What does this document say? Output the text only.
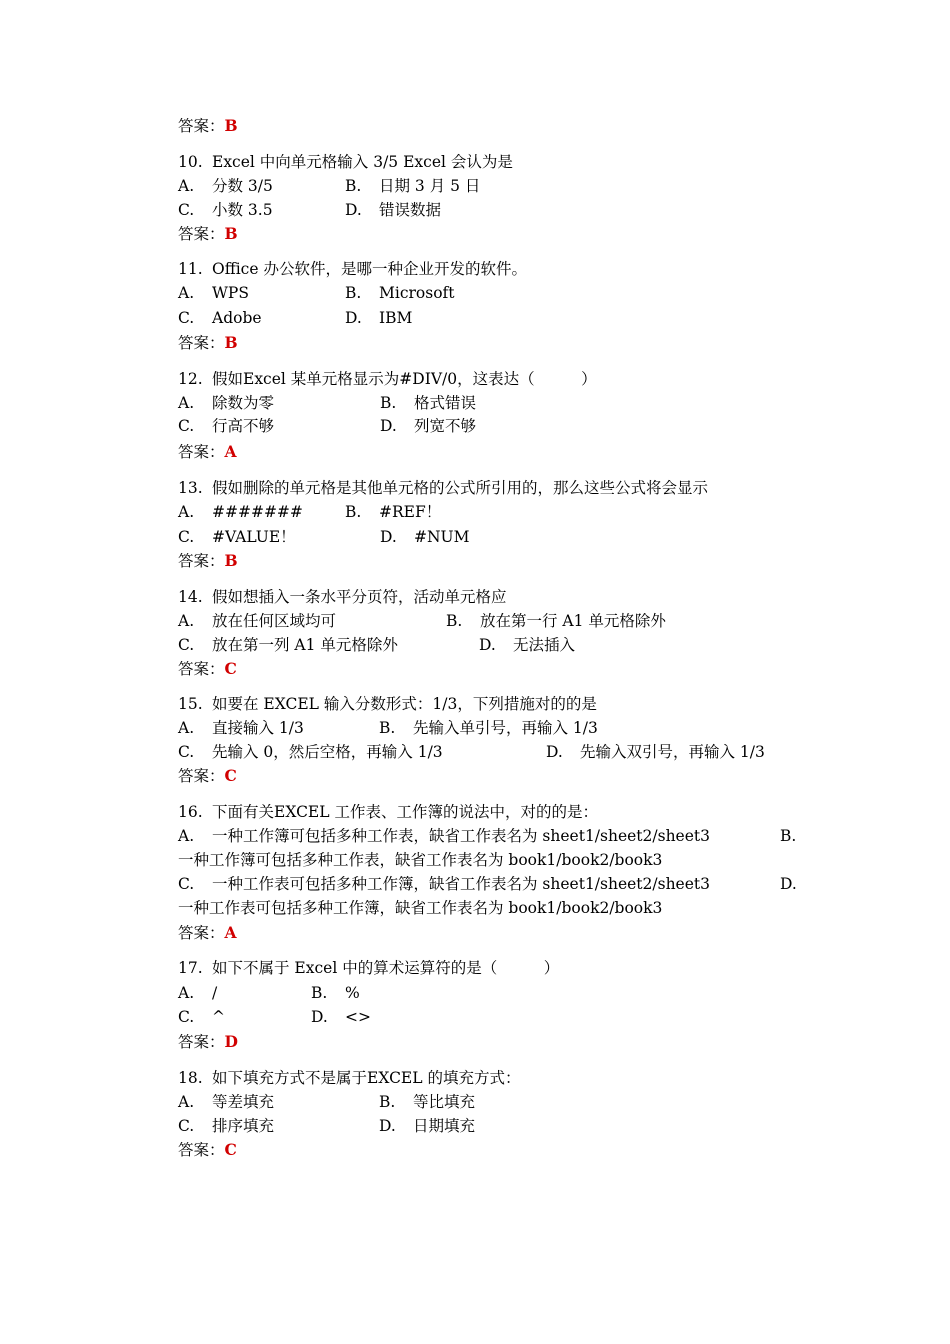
答案：B
10. Excel 中向单元格输入 3/5 Excel 会认为是
A. 分数 3/5	B. 日期 3 月 5 日
C. 小数 3.5	D. 错误数据
答案：B
11. Office 办公软件，是哪一种企业开发的软件。
A. WPS	B. Microsoft
C. Adobe	D. IBM
答案：B
12. 假如Excel 某单元格显示为#DIV/0，这表达（　　　）
A. 除数为零	B. 格式错误
C. 行高不够	D. 列宽不够
答案：A
13. 假如删除的单元格是其他单元格的公式所引用的，那么这些公式将会显示
A. #######	B. #REF！
C. #VALUE！	D. #NUM
答案：B
14. 假如想插入一条水平分页符，活动单元格应
A. 放在任何区域均可	B. 放在第一行 A1 单元格除外
C. 放在第一列 A1 单元格除外	D. 无法插入
答案：C
15. 如要在 EXCEL 输入分数形式：1/3，下列措施对的的是
A. 直接输入 1/3	B. 先输入单引号，再输入 1/3
C. 先输入 0，然后空格，再输入 1/3	D. 先输入双引号，再输入 1/3
答案：C
16. 下面有关EXCEL 工作表、工作簿的说法中，对的的是：
A. 一种工作簿可包括多种工作表，缺省工作表名为 sheet1/sheet2/sheet3	B.
一种工作簿可包括多种工作表，缺省工作表名为 book1/book2/book3
C. 一种工作表可包括多种工作簿，缺省工作表名为 sheet1/sheet2/sheet3	D.
一种工作表可包括多种工作簿，缺省工作表名为 book1/book2/book3
答案：A
17. 如下不属于 Excel 中的算术运算符的是（　　　）
A. /	B. %
C. ^	D. <>
答案：D
18. 如下填充方式不是属于EXCEL 的填充方式：
A. 等差填充	B. 等比填充
C. 排序填充	D. 日期填充
答案：C
